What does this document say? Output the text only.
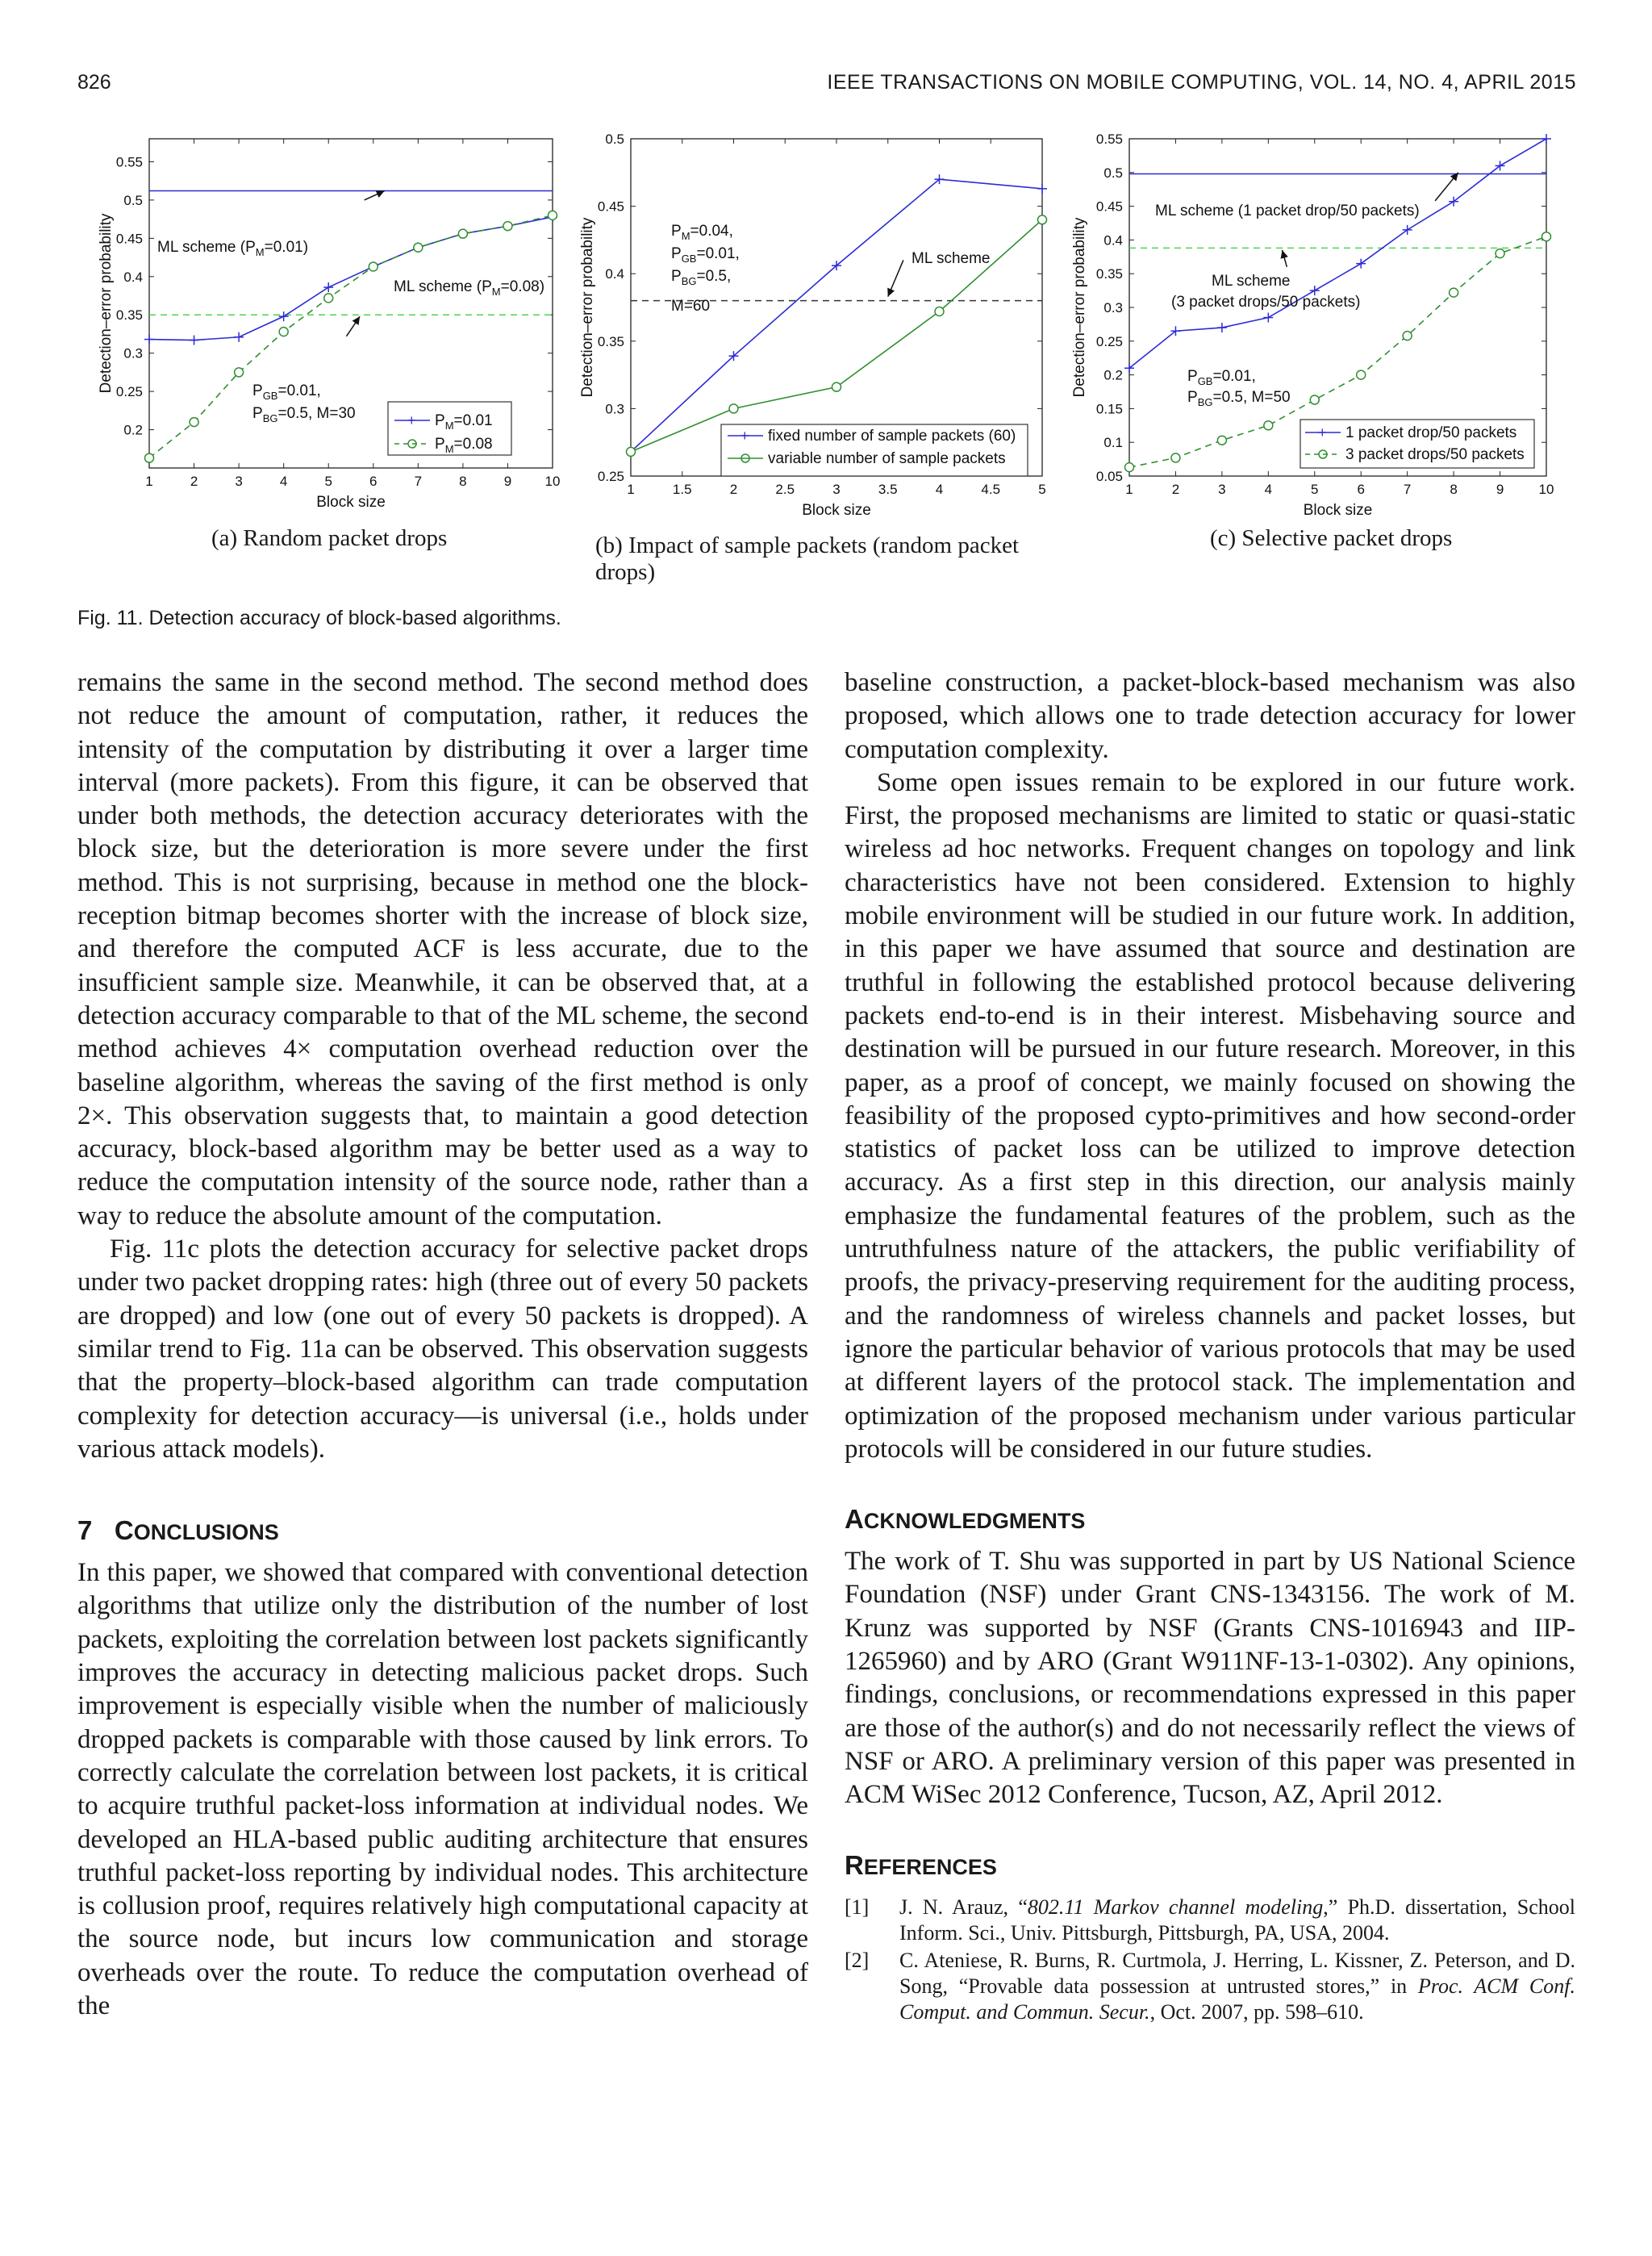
826	IEEE TRANSACTIONS ON MOBILE COMPUTING, VOL. 14, NO. 4, APRIL 2015
1	2	3	4	5	6	7	8	9 10
0.2
0.25
0.3
0.35
0.4
0.45
0.5
0.55
Block size
Detection–error probability	ML scheme $(P_M=0.01)$
ML scheme $(P_M=0.08)$
$P_{GB}=0.01$,
$P_{BG}=0.5$, M=30	+ $P_M=0.01$
$P_M=0.08$
(a) Random packet drops
1	1.5	2	2.5	3	3.5	4	4.5	5
0.25
0.3
0.35
0.4
0.45
0.5
Block size
Detection–error probability	$P_M=0.04$,
$P_{GB}=0.01$,
$P_{BG}=0.5$,
M=60
ML scheme
+ fixed number of sample packets (60)
variable number of sample packets
(b) Impact of sample packets (random packet
drops)
1	2	3	4	5	6	7	8	9	10
0.05
0.1
0.15
0.2
0.25
0.3
0.35
0.4
0.45
0.5
0.55
Block size
Detection–error probability
ML scheme (1 packet drop/50 packets)
ML scheme
(3 packet drops/50 packets)
$P_{GB}=0.01$,
$P_{BG}=0.5$, M=50
+ 1 packet drop/50 packets
3 packet drops/50 packets
(c) Selective packet drops
Fig. 11. Detection accuracy of block-based algorithms.

remains the same in the second method. The second method does not reduce the amount of computation, rather, it reduces the intensity of the computation by distributing it over a larger time interval (more packets). From this figure, it can be observed that under both methods, the detection accuracy deteriorates with the block size, but the deterioration is more severe under the first method. This is not surprising, because in method one the block-reception bitmap becomes shorter with the increase of block size, and therefore the computed ACF is less accurate, due to the insufficient sample size. Meanwhile, it can be observed that, at a detection accuracy comparable to that of the ML scheme, the second method achieves 4× computation overhead reduction over the baseline algorithm, whereas the saving of the first method is only 2×. This observation suggests that, to maintain a good detection accuracy, block-based algorithm may be better used as a way to reduce the computation intensity of the source node, rather than a way to reduce the absolute amount of the computation.

Fig. 11c plots the detection accuracy for selective packet drops under two packet dropping rates: high (three out of every 50 packets are dropped) and low (one out of every 50 packets is dropped). A similar trend to Fig. 11a can be observed. This observation suggests that the property–block-based algorithm can trade computation complexity for detection accuracy—is universal (i.e., holds under various attack models).

7 CONCLUSIONS

In this paper, we showed that compared with conventional detection algorithms that utilize only the distribution of the number of lost packets, exploiting the correlation between lost packets significantly improves the accuracy in detecting malicious packet drops. Such improvement is especially visible when the number of maliciously dropped packets is comparable with those caused by link errors. To correctly calculate the correlation between lost packets, it is critical to acquire truthful packet-loss information at individual nodes. We developed an HLA-based public auditing architecture that ensures truthful packet-loss reporting by individual nodes. This architecture is collusion proof, requires relatively high computational capacity at the source node, but incurs low communication and storage overheads over the route. To reduce the computation overhead of the

baseline construction, a packet-block-based mechanism was also proposed, which allows one to trade detection accuracy for lower computation complexity.

Some open issues remain to be explored in our future work. First, the proposed mechanisms are limited to static or quasi-static wireless ad hoc networks. Frequent changes on topology and link characteristics have not been considered. Extension to highly mobile environment will be studied in our future work. In addition, in this paper we have assumed that source and destination are truthful in following the established protocol because delivering packets end-to-end is in their interest. Misbehaving source and destination will be pursued in our future research. Moreover, in this paper, as a proof of concept, we mainly focused on showing the feasibility of the proposed cypto-primitives and how second-order statistics of packet loss can be utilized to improve detection accuracy. As a first step in this direction, our analysis mainly emphasize the fundamental features of the problem, such as the untruthfulness nature of the attackers, the public verifiability of proofs, the privacy-preserving requirement for the auditing process, and the randomness of wireless channels and packet losses, but ignore the particular behavior of various protocols that may be used at different layers of the protocol stack. The implementation and optimization of the proposed mechanism under various particular protocols will be considered in our future studies.

ACKNOWLEDGMENTS

The work of T. Shu was supported in part by US National Science Foundation (NSF) under Grant CNS-1343156. The work of M. Krunz was supported by NSF (Grants CNS-1016943 and IIP-1265960) and by ARO (Grant W911NF-13-1-0302). Any opinions, findings, conclusions, or recommendations expressed in this paper are those of the author(s) and do not necessarily reflect the views of NSF or ARO. A preliminary version of this paper was presented in ACM WiSec 2012 Conference, Tucson, AZ, April 2012.

REFERENCES
[1] J. N. Arauz, “802.11 Markov channel modeling,” Ph.D. dissertation, School Inform. Sci., Univ. Pittsburgh, Pittsburgh, PA, USA, 2004.
[2] C. Ateniese, R. Burns, R. Curtmola, J. Herring, L. Kissner, Z. Peterson, and D. Song, “Provable data possession at untrusted stores,” in Proc. ACM Conf. Comput. and Commun. Secur., Oct. 2007, pp. 598–610.
